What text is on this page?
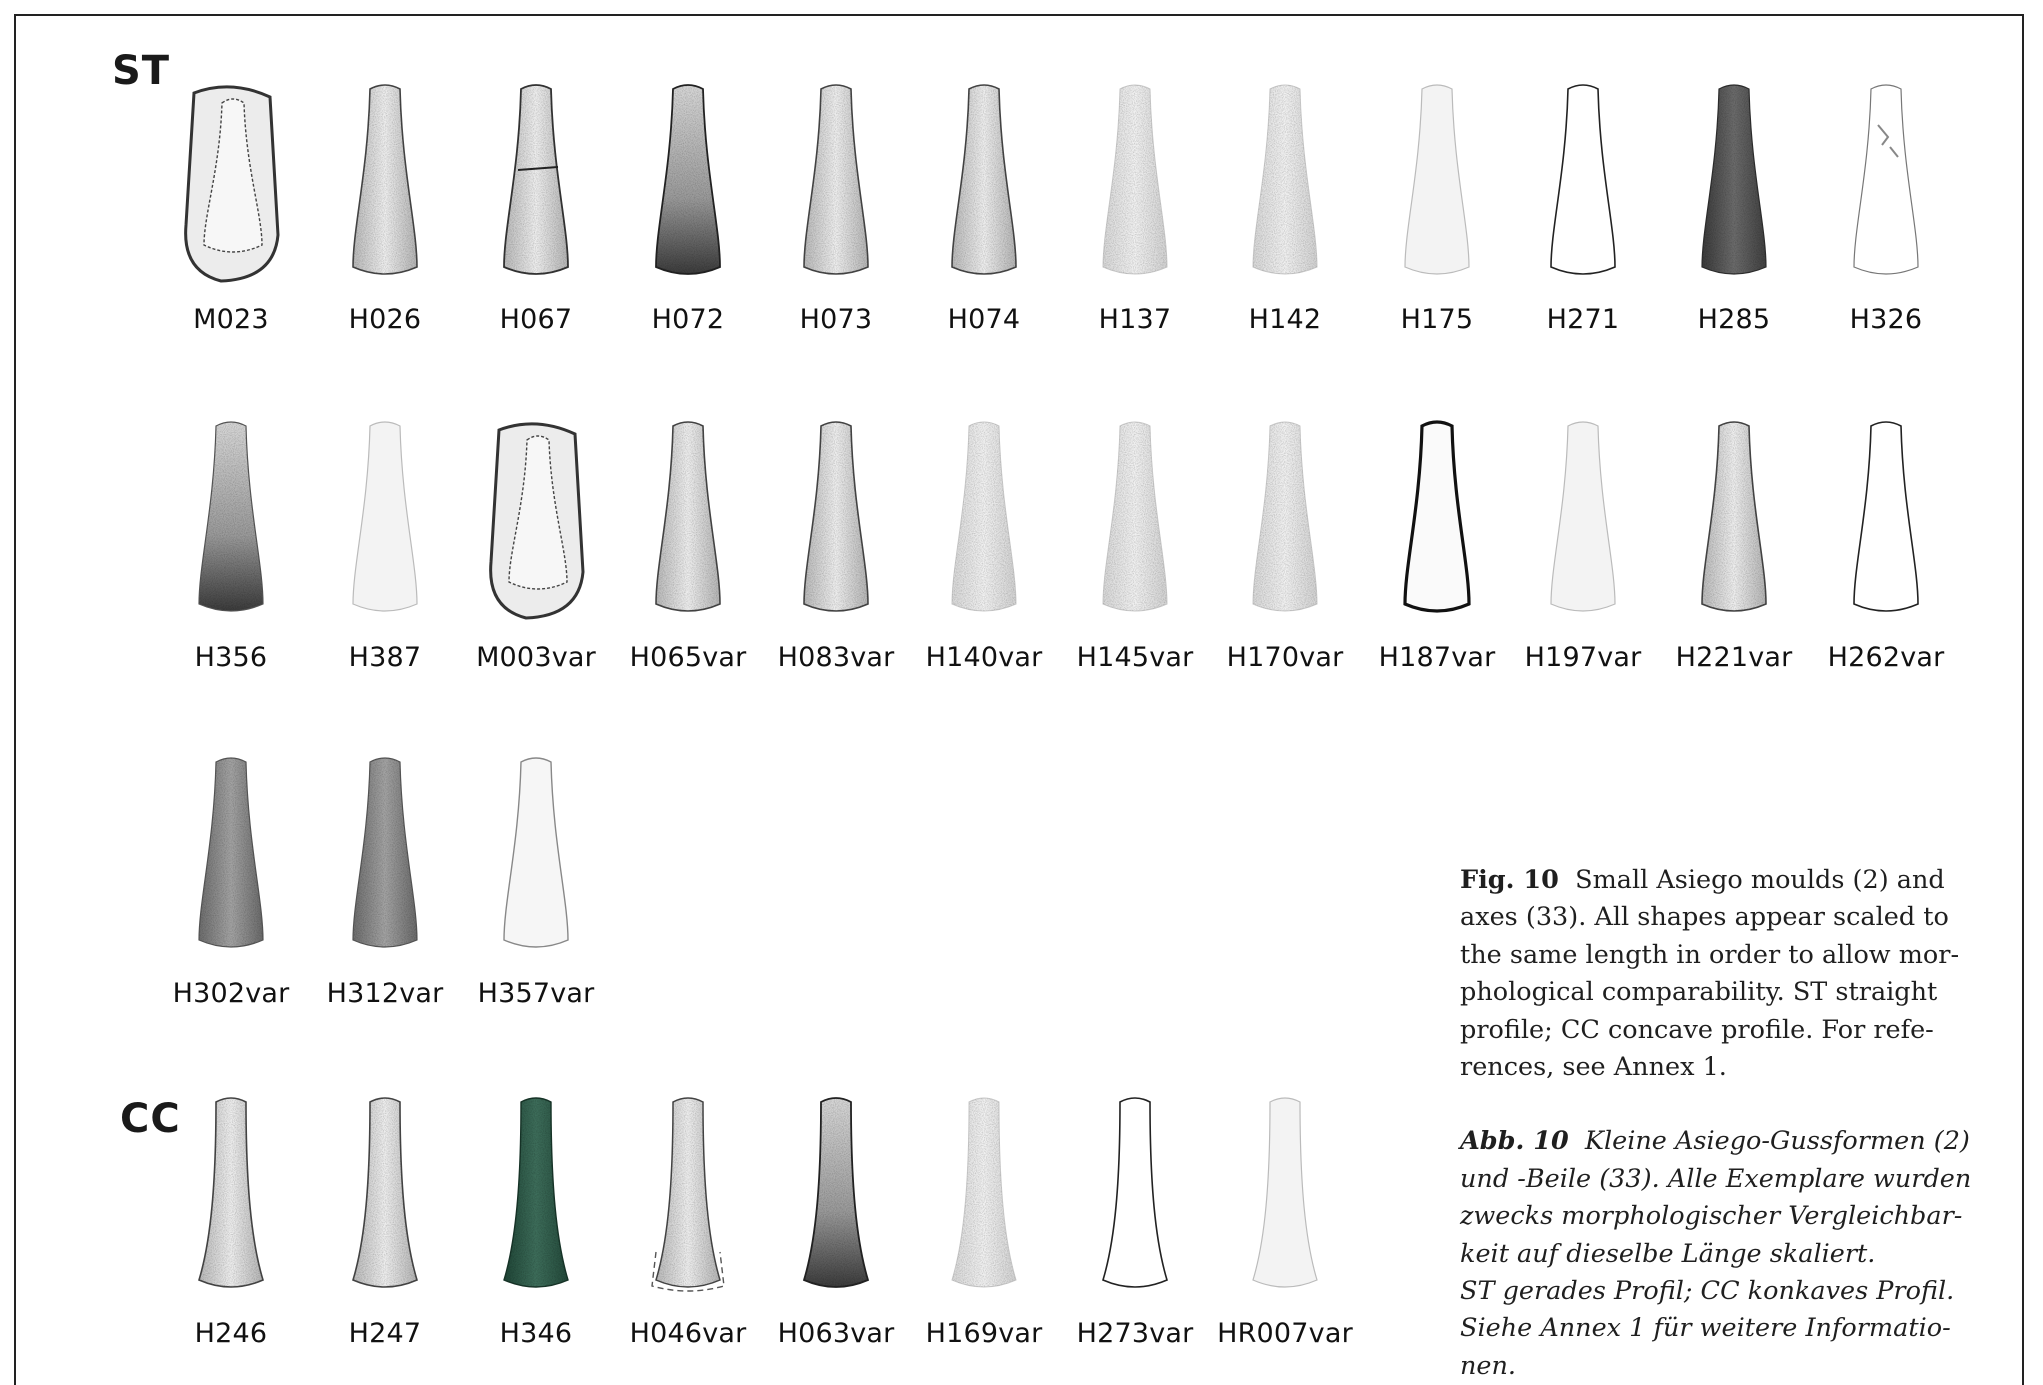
M023	H026	H067	H072	H073	H074	H137	H142	H175	H271	H285	H326
H356	H387	M003var	H065var	H083var	H140var	H145var	H170var	H187var	H197var	H221var	H262var
H302var	H312var	H357var
H246	H247	H346	H046var	H063var	H169var	H273var HR007var
ST
CC

Fig. 10 Small Asiego moulds (2) and
axes (33). All shapes appear scaled to
the same length in order to allow mor-
phological comparability. ST straight
profile; CC concave profile. For refe-
rences, see Annex 1.

Abb. 10 Kleine Asiego-Gussformen (2)
und -Beile (33). Alle Exemplare wurden
zwecks morphologischer Vergleichbar-
keit auf dieselbe Länge skaliert.
ST gerades Profil; CC konkaves Profil.
Siehe Annex 1 für weitere Informatio-
nen.
